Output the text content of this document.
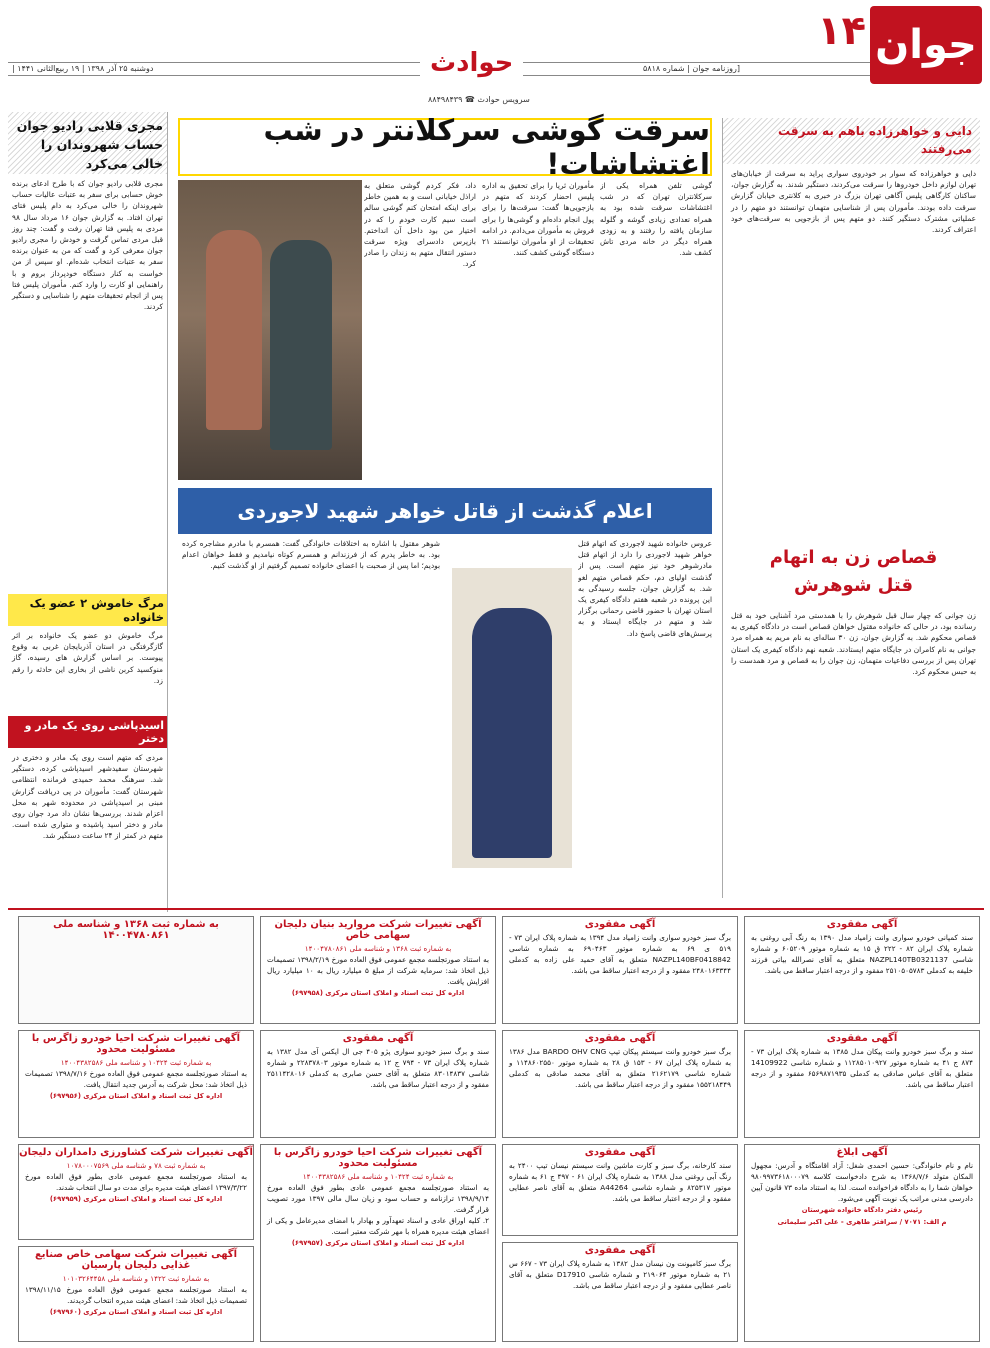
جوان
۱۴
حوادث	[روزنامه جوان | شماره ۵۸۱۸
دوشنبه ۲۵ آذر ۱۳۹۸ | ۱۹ ربیع‌الثانی ۱۴۴۱ |
سرویس حوادث ☎ ۸۸۴۹۸۴۳۹
مجری قلابی رادیو جوان حساب شهروندان را خالی می‌کرد
مجری قلابی رادیو جوان که با طرح ادعای برنده خوش حسابی برای سفر به عتبات عالیات حساب شهروندان را خالی می‌کرد به دام پلیس فتای تهران افتاد. به گزارش جوان ۱۶ مرداد سال ۹۸ مردی به پلیس فتا تهران رفت و گفت: چند روز قبل مردی تماس گرفت و خودش را مجری رادیو جوان معرفی کرد و گفت که من به عنوان برنده سفر به عتبات انتخاب شده‌ام. او سپس از من خواست به کنار دستگاه خودپرداز بروم و با راهنمایی او کارت را وارد کنم. مأموران پلیس فتا پس از انجام تحقیقات متهم را شناسایی و دستگیر کردند.
مرگ خاموش ۲ عضو یک خانواده
مرگ خاموش دو عضو یک خانواده بر اثر گازگرفتگی در استان آذربایجان غربی به وقوع پیوست. بر اساس گزارش های رسیده، گاز منوکسید کربن ناشی از بخاری این حادثه را رقم زد.
اسیدپاشی روی یک مادر و دختر
مردی که متهم است روی یک مادر و دختری در شهرستان سفیدشهر اسیدپاشی کرده، دستگیر شد. سرهنگ محمد حمیدی فرمانده انتظامی شهرستان گفت: مأموران در پی دریافت گزارش مبنی بر اسیدپاشی در محدوده شهر به محل اعزام شدند. بررسی‌ها نشان داد مرد جوان روی مادر و دختر اسید پاشیده و متواری شده است. متهم در کمتر از ۲۴ ساعت دستگیر شد.
سرقت گوشی سرکلانتر در شب اغتشاشات!
گوشی تلفن همراه یکی از سرکلانتران تهران که در شب اغتشاشات سرقت شده بود به همراه تعدادی زیادی گوشه و گلوله سازمان یافته را رفتند و به زودی همراه دیگر در خانه مردی تاش کشف شد.
مأموران ثریا را برای تحقیق به اداره پلیس احضار کردند که متهم در بازجویی‌ها گفت: سرقت‌ها را برای پول انجام داده‌ام و گوشی‌ها را برای فروش به مأموران می‌دادم. در ادامه تحقیقات از او مأموران توانستند ۲۱ دستگاه گوشی کشف کنند.
داد، فکر کردم گوشی متعلق به اراذل خیابانی است و به همین خاطر برای اینکه امتحان کنم گوشی سالم است سیم کارت خودم را که در اختیار من بود داخل آن انداختم. بازپرس دادسرای ویژه سرقت دستور انتقال متهم به زندان را صادر کرد.
اعلام گذشت از قاتل خواهر شهید لاجوردی
عروس خانواده شهید لاجوردی که اتهام قتل خواهر شهید لاجوردی را دارد از اتهام قتل مادرشوهر خود نیز متهم است. پس از گذشت اولیای دم، حکم قصاص متهم لغو شد. به گزارش جوان، جلسه رسیدگی به این پرونده در شعبه هفتم دادگاه کیفری یک استان تهران با حضور قاضی رحمانی برگزار شد و متهم در جایگاه ایستاد و به پرسش‌های قاضی پاسخ داد.
شوهر مقتول با اشاره به اختلافات خانوادگی گفت: همسرم با مادرم مشاجره کرده بود. به خاطر پدرم که از فرزندانم و همسرم کوتاه نیامدیم و فقط خواهان اعدام بودیم؛ اما پس از صحبت با اعضای خانواده تصمیم گرفتیم از او گذشت کنیم.
دایی و خواهرزاده باهم به سرقت می‌رفتند
دایی و خواهرزاده که سوار بر خودروی سواری پراید به سرقت از خیابان‌های تهران لوازم داخل خودروها را سرقت می‌کردند، دستگیر شدند. به گزارش جوان، ساکنان کارگاهی پلیس آگاهی تهران بزرگ در خبری به کلانتری خیابان گزارش سرقت داده بودند. مأموران پس از شناسایی متهمان توانستند دو متهم را در عملیاتی مشترک دستگیر کنند. دو متهم پس از بازجویی به سرقت‌های خود اعتراف کردند.
قصاص زن به اتهام قتل شوهرش
زن جوانی که چهار سال قبل شوهرش را با همدستی مرد آشنایی خود به قتل رسانده بود، در حالی که خانواده مقتول خواهان قصاص است در دادگاه کیفری به قصاص محکوم شد. به گزارش جوان، زن ۳۰ ساله‌ای به نام مریم به همراه مرد جوانی به نام کامران در جایگاه متهم ایستادند. شعبه نهم دادگاه کیفری یک استان تهران پس از بررسی دفاعیات متهمان، زن جوان را به قصاص و مرد همدست را به حبس محکوم کرد.
آگهی مفقودی
سند کمپانی خودرو سواری وانت زامیاد مدل ۱۳۹۰ به رنگ آبی روغنی به شماره پلاک ایران ۸۲ - ۲۲۲ ق ۱۵ به شماره موتور ۶۰۵۲۰۹ و شماره شاسی NAZPL140TB0321137 متعلق به آقای نصرالله بیاتی فرزند خلیفه به کدملی ۲۵۱۰۵۰۵۷۸۳ مفقود و از درجه اعتبار ساقط می باشد.
آگهی مفقودی
برگ سبز خودرو سواری وانت زامیاد مدل ۱۳۹۴ به شماره پلاک ایران ۷۳ - ۵۱۹ ی ۶۹ به شماره موتور ۶۹۰۴۶۳ به شماره شاسی NAZPL140BF0418842 متعلق به آقای حمید علی زاده به کدملی ۲۴۸۰۱۶۳۳۴۴ مفقود و از درجه اعتبار ساقط می باشد.
آگهی تغییرات شرکت مروارید بنیان دلیجان سهامی خاص
به شماره ثبت ۱۳۶۸ و شناسه ملی ۱۴۰۰۴۷۸۰۸۶۱
به استناد صورتجلسه مجمع عمومی فوق العاده مورخ ۱۳۹۸/۲/۱۹ تصمیمات ذیل اتخاذ شد: سرمایه شرکت از مبلغ ۵ میلیارد ریال به ۱۰ میلیارد ریال افزایش یافت.
اداره کل ثبت اسناد و املاک استان مرکزی (۶۹۷۹۵۸)
آگهی مفقودی
سند و برگ سبز خودرو وانت پیکان مدل ۱۳۸۵ به شماره پلاک ایران ۷۳ - ۸۷۴ ج ۴۱ به شماره موتور ۱۱۲۸۵۰۱۰۹۲۷ و شماره شاسی 14109922 متعلق به آقای عباس صادقی به کدملی ۶۵۶۹۸۷۱۹۳۵ مفقود و از درجه اعتبار ساقط می باشد.
آگهی مفقودی
برگ سبز خودرو وانت سیستم پیکان تیپ BARDO OHV CNG مدل ۱۳۸۶ به شماره پلاک ایران ۶۷ - ۱۵۳ ق ۲۸ به شماره موتور ۱۱۴۸۶۰۲۵۵۰ و شماره شاسی ۲۱۶۲۱۷۹ متعلق به آقای محمد صادقی به کدملی ۱۵۵۲۱۸۴۴۹ مفقود و از درجه اعتبار ساقط می باشد.
آگهی مفقودی
سند و برگ سبز خودرو سواری پژو ۴۰۵ جی ال ایکس آی مدل ۱۳۸۲ به شماره پلاک ایران ۷۳ - ۷۹۴ ج ۱۲ به شماره موتور ۲۲۸۳۷۸۰۳ و شماره شاسی ۸۳۰۱۴۸۳۷ متعلق به آقای حسن صابری به کدملی ۲۵۱۱۴۲۸۰۱۶ مفقود و از درجه اعتبار ساقط می باشد.
آگهی تغییرات شرکت احیا خودرو زاگرس با مسئولیت محدود
به شماره ثبت ۱۰۴۲۴ و شناسه ملی ۱۴۰۰۴۳۸۲۵۸۶
به استناد صورتجلسه مجمع عمومی فوق العاده مورخ ۱۳۹۸/۷/۱۶ تصمیمات ذیل اتخاذ شد: محل شرکت به آدرس جدید انتقال یافت.
اداره کل ثبت اسناد و املاک استان مرکزی (۶۹۷۹۵۶)
آگهی ابلاغ
نام و نام خانوادگی: حسین احمدی شغل: آزاد اقامتگاه و آدرس: مجهول المکان متولد ۱۳۶۸/۷/۶ به شرح دادخواست کلاسه ۹۸۰۹۹۷۳۶۱۸۰۰۰۷۹ خواهان شما را به دادگاه فراخوانده است. لذا به استناد ماده ۷۳ قانون آیین دادرسی مدنی مراتب یک نوبت آگهی می‌شود.
رئیس دفتر دادگاه خانواده شهرستان
م الف: ۷۰۷۱ / سرافتر طاهری - علی اکبر سلیمانی
آگهی مفقودی
سند کارخانه، برگ سبز و کارت ماشین وانت سیستم نیسان تیپ ۲۴۰۰ به رنگ آبی روغنی مدل ۱۳۸۸ به شماره پلاک ایران ۶۱ - ۴۹۷ ج ۶۱ به شماره موتور ۸۲۵۳۱۷ و شماره شاسی A44264 متعلق به آقای ناصر عطایی مفقود و از درجه اعتبار ساقط می باشد.
آگهی مفقودی
برگ سبز کامیونت ون نیسان مدل ۱۳۸۲ به شماره پلاک ایران ۷۳ - ۶۶۷ س ۲۱ به شماره موتور ۲۱۹۰۶۴ و شماره شاسی D17910 متعلق به آقای ناصر عطایی مفقود و از درجه اعتبار ساقط می باشد.
آگهی تغییرات شرکت احیا خودرو زاگرس با مسئولیت محدود
به شماره ثبت ۱۰۴۲۴ و شناسه ملی ۱۴۰۰۴۳۸۲۵۸۶
به استناد صورتجلسه مجمع عمومی عادی بطور فوق العاده مورخ ۱۳۹۸/۹/۱۴ ترازنامه و حساب سود و زیان سال مالی ۱۳۹۷ مورد تصویب قرار گرفت.
۲. کلیه اوراق عادی و اسناد تعهدآور و بهادار با امضای مدیرعامل و یکی از اعضای هیئت مدیره همراه با مهر شرکت معتبر است.
اداره کل ثبت اسناد و املاک استان مرکزی (۶۹۷۹۵۷)
آگهی تغییرات شرکت کشاورزی دامداران دلیجان
به شماره ثبت ۷۸ و شناسه ملی ۱۰۷۸۰۰۰۷۵۶۹
به استناد صورتجلسه مجمع عمومی عادی بطور فوق العاده مورخ ۱۳۹۷/۳/۲۲ اعضای هیئت مدیره برای مدت دو سال انتخاب شدند.
اداره کل ثبت اسناد و املاک استان مرکزی (۶۹۷۹۵۹)
آگهی تغییرات شرکت سهامی خاص صنایع غذایی دلیجان پارسیان
به شماره ثبت ۱۴۲۲ و شناسه ملی ۱۰۱۰۳۲۶۴۴۵۸
به استناد صورتجلسه مجمع عمومی فوق العاده مورخ ۱۳۹۸/۱۱/۱۵ تصمیمات ذیل اتخاذ شد: اعضای هیئت مدیره انتخاب گردیدند.
اداره کل ثبت اسناد و املاک استان مرکزی (۶۹۷۹۶۰)
به شماره ثبت ۱۳۶۸ و شناسه ملی ۱۴۰۰۴۷۸۰۸۶۱
